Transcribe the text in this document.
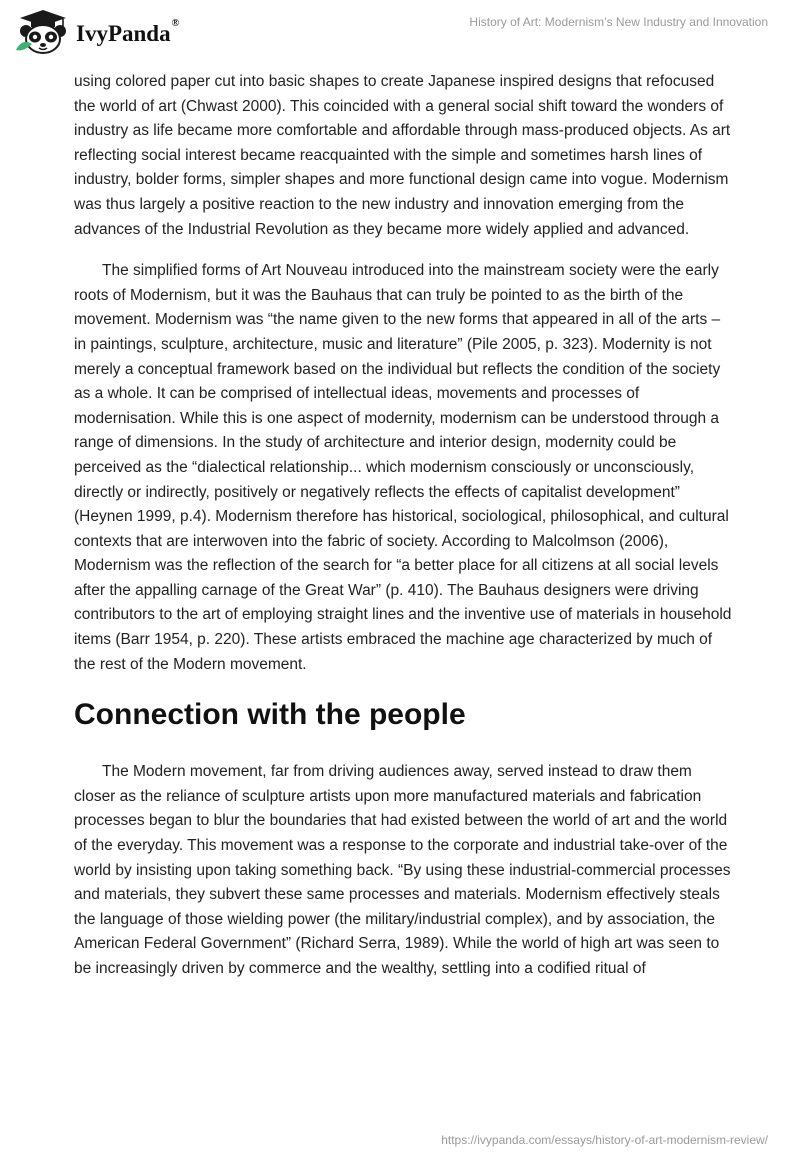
IvyPanda®	History of Art: Modernism’s New Industry and Innovation

using colored paper cut into basic shapes to create Japanese inspired designs that refocused the world of art (Chwast 2000). This coincided with a general social shift toward the wonders of industry as life became more comfortable and affordable through mass-produced objects. As art reflecting social interest became reacquainted with the simple and sometimes harsh lines of industry, bolder forms, simpler shapes and more functional design came into vogue. Modernism was thus largely a positive reaction to the new industry and innovation emerging from the advances of the Industrial Revolution as they became more widely applied and advanced.

The simplified forms of Art Nouveau introduced into the mainstream society were the early roots of Modernism, but it was the Bauhaus that can truly be pointed to as the birth of the movement. Modernism was “the name given to the new forms that appeared in all of the arts – in paintings, sculpture, architecture, music and literature” (Pile 2005, p. 323). Modernity is not merely a conceptual framework based on the individual but reflects the condition of the society as a whole. It can be comprised of intellectual ideas, movements and processes of modernisation. While this is one aspect of modernity, modernism can be understood through a range of dimensions. In the study of architecture and interior design, modernity could be perceived as the “dialectical relationship... which modernism consciously or unconsciously, directly or indirectly, positively or negatively reflects the effects of capitalist development” (Heynen 1999, p.4). Modernism therefore has historical, sociological, philosophical, and cultural contexts that are interwoven into the fabric of society. According to Malcolmson (2006), Modernism was the reflection of the search for “a better place for all citizens at all social levels after the appalling carnage of the Great War” (p. 410). The Bauhaus designers were driving contributors to the art of employing straight lines and the inventive use of materials in household items (Barr 1954, p. 220). These artists embraced the machine age characterized by much of the rest of the Modern movement.

Connection with the people

The Modern movement, far from driving audiences away, served instead to draw them closer as the reliance of sculpture artists upon more manufactured materials and fabrication processes began to blur the boundaries that had existed between the world of art and the world of the everyday. This movement was a response to the corporate and industrial take-over of the world by insisting upon taking something back. “By using these industrial-commercial processes and materials, they subvert these same processes and materials. Modernism effectively steals the language of those wielding power (the military/industrial complex), and by association, the American Federal Government” (Richard Serra, 1989). While the world of high art was seen to be increasingly driven by commerce and the wealthy, settling into a codified ritual of

https://ivypanda.com/essays/history-of-art-modernism-review/
